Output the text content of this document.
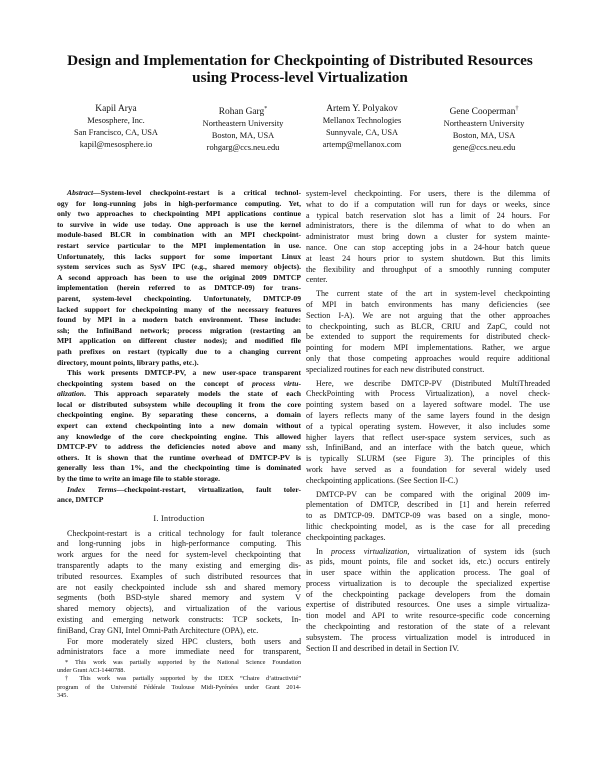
Design and Implementation for Checkpointing of Distributed Resources
using Process-level Virtualization
Kapil Arya
Mesosphere, Inc.
San Francisco, CA, USA
kapil@mesosphere.io
Rohan Garg*
Northeastern University
Boston, MA, USA
rohgarg@ccs.neu.edu
Artem Y. Polyakov
Mellanox Technologies
Sunnyvale, CA, USA
artemp@mellanox.com
Gene Cooperman†
Northeastern University
Boston, MA, USA
gene@ccs.neu.edu
Abstract—System-level checkpoint-restart is a critical technol-
ogy for long-running jobs in high-performance computing. Yet,
only two approaches to checkpointing MPI applications continue
to survive in wide use today. One approach is use the kernel
module-based BLCR in combination with an MPI checkpoint-
restart service particular to the MPI implementation in use.
Unfortunately, this lacks support for some important Linux
system services such as SysV IPC (e.g., shared memory objects).
A second approach has been to use the original 2009 DMTCP
implementation (herein referred to as DMTCP-09) for trans-
parent, system-level checkpointing. Unfortunately, DMTCP-09
lacked support for checkpointing many of the necessary features
found by MPI in a modern batch environment. These include:
ssh; the InfiniBand network; process migration (restarting an
MPI application on different cluster nodes); and modified file
path prefixes on restart (typically due to a changing current
directory, mount points, library paths, etc.).
This work presents DMTCP-PV, a new user-space transparent
checkpointing system based on the concept of process virtu-
alization. This approach separately models the state of each
local or distributed subsystem while decoupling it from the core
checkpointing engine. By separating these concerns, a domain
expert can extend checkpointing into a new domain without
any knowledge of the core checkpointing engine. This allowed
DMTCP-PV to address the deficiencies noted above and many
others. It is shown that the runtime overhead of DMTCP-PV is
generally less than 1%, and the checkpointing time is dominated
by the time to write an image file to stable storage.
Index Terms—checkpoint-restart, virtualization, fault toler-
ance, DMTCP
I. Introduction
Checkpoint-restart is a critical technology for fault tolerance
and long-running jobs in high-performance computing. This
work argues for the need for system-level checkpointing that
transparently adapts to the many existing and emerging dis-
tributed resources. Examples of such distributed resources that
are not easily checkpointed include ssh and shared memory
segments (both BSD-style shared memory and system V
shared memory objects), and virtualization of the various
existing and emerging network constructs: TCP sockets, In-
finiBand, Cray GNI, Intel Omni-Path Architecture (OPA), etc.
For more moderately sized HPC clusters, both users and
administrators face a more immediate need for transparent,
* This work was partially supported by the National Science Foundation
under Grant ACI-1440788.
† This work was partially supported by the IDEX “Chaire d’attractivité”
program of the Université Fédérale Toulouse Midi-Pyrénées under Grant 2014-
345.
system-level checkpointing. For users, there is the dilemma of
what to do if a computation will run for days or weeks, since
a typical batch reservation slot has a limit of 24 hours. For
administrators, there is the dilemma of what to do when an
administrator must bring down a cluster for system mainte-
nance. One can stop accepting jobs in a 24-hour batch queue
at least 24 hours prior to system shutdown. But this limits
the flexibility and throughput of a smoothly running computer
center.
The current state of the art in system-level checkpointing
of MPI in batch environments has many deficiencies (see
Section I-A). We are not arguing that the other approaches
to checkpointing, such as BLCR, CRIU and ZapC, could not
be extended to support the requirements for distributed check-
pointing for modern MPI implementations. Rather, we argue
only that those competing approaches would require additional
specialized routines for each new distributed construct.
Here, we describe DMTCP-PV (Distributed MultiThreaded
CheckPointing with Process Virtualization), a novel check-
pointing system based on a layered software model. The use
of layers reflects many of the same layers found in the design
of a typical operating system. However, it also includes some
higher layers that reflect user-space system services, such as
ssh, InfiniBand, and an interface with the batch queue, which
is typically SLURM (see Figure 3). The principles of this
work have served as a foundation for several widely used
checkpointing applications. (See Section II-C.)
DMTCP-PV can be compared with the original 2009 im-
plementation of DMTCP, described in [1] and herein referred
to as DMTCP-09. DMTCP-09 was based on a single, mono-
lithic checkpointing model, as is the case for all preceding
checkpointing packages.
In process virtualization, virtualization of system ids (such
as pids, mount points, file and socket ids, etc.) occurs entirely
in user space within the application process. The goal of
process virtualization is to decouple the specialized expertise
of the checkpointing package developers from the domain
expertise of distributed resources. One uses a simple virtualiza-
tion model and API to write resource-specific code concerning
the checkpointing and restoration of the state of a relevant
subsystem. The process virtualization model is introduced in
Section II and described in detail in Section IV.
